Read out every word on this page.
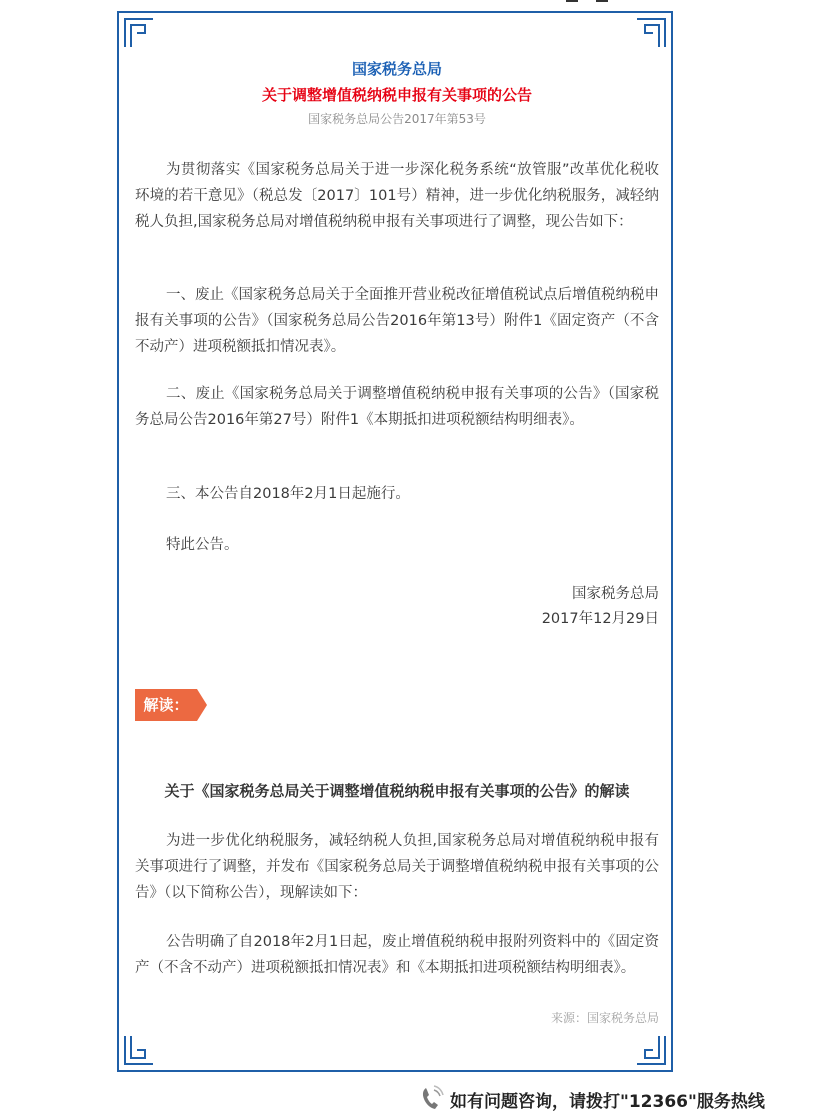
国家税务总局
关于调整增值税纳税申报有关事项的公告
国家税务总局公告2017年第53号

为贯彻落实《国家税务总局关于进一步深化税务系统“放管服”改革优化税收环境的若干意见》（税总发〔2017〕101号）精神，进一步优化纳税服务，减轻纳税人负担,国家税务总局对增值税纳税申报有关事项进行了调整，现公告如下：

一、废止《国家税务总局关于全面推开营业税改征增值税试点后增值税纳税申报有关事项的公告》（国家税务总局公告2016年第13号）附件1《固定资产（不含不动产）进项税额抵扣情况表》。

二、废止《国家税务总局关于调整增值税纳税申报有关事项的公告》（国家税务总局公告2016年第27号）附件1《本期抵扣进项税额结构明细表》。

三、本公告自2018年2月1日起施行。

特此公告。

国家税务总局
2017年12月29日
解读：
关于《国家税务总局关于调整增值税纳税申报有关事项的公告》的解读

为进一步优化纳税服务，减轻纳税人负担,国家税务总局对增值税纳税申报有关事项进行了调整，并发布《国家税务总局关于调整增值税纳税申报有关事项的公告》（以下简称公告），现解读如下：

公告明确了自2018年2月1日起，废止增值税纳税申报附列资料中的《固定资产（不含不动产）进项税额抵扣情况表》和《本期抵扣进项税额结构明细表》。

来源：国家税务总局
如有问题咨询，请拨打"12366"服务热线
